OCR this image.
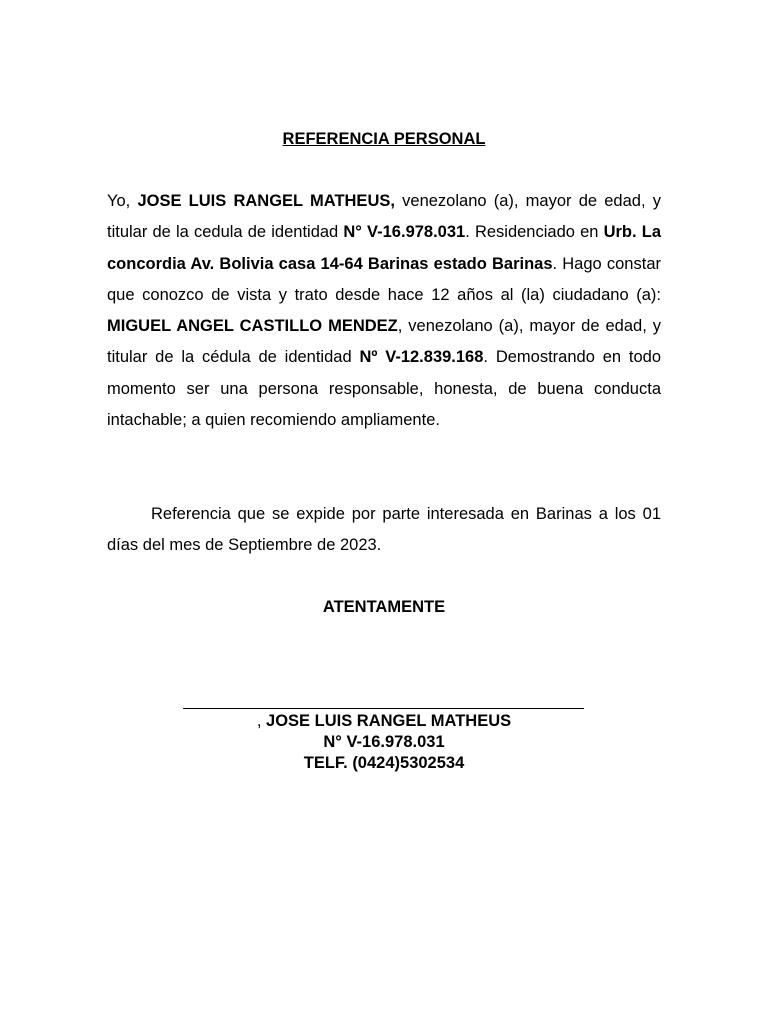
REFERENCIA PERSONAL

Yo, JOSE LUIS RANGEL MATHEUS, venezolano (a), mayor de edad, y titular de la cedula de identidad N° V-16.978.031. Residenciado en Urb. La concordia Av. Bolivia casa 14-64 Barinas estado Barinas. Hago constar que conozco de vista y trato desde hace 12 años al (la) ciudadano (a): MIGUEL ANGEL CASTILLO MENDEZ, venezolano (a), mayor de edad, y titular de la cédula de identidad Nº V-12.839.168. Demostrando en todo momento ser una persona responsable, honesta, de buena conducta intachable; a quien recomiendo ampliamente.

Referencia que se expide por parte interesada en Barinas a los 01 días del mes de Septiembre de 2023.

ATENTAMENTE
, JOSE LUIS RANGEL MATHEUS
N° V-16.978.031
TELF. (0424)5302534
